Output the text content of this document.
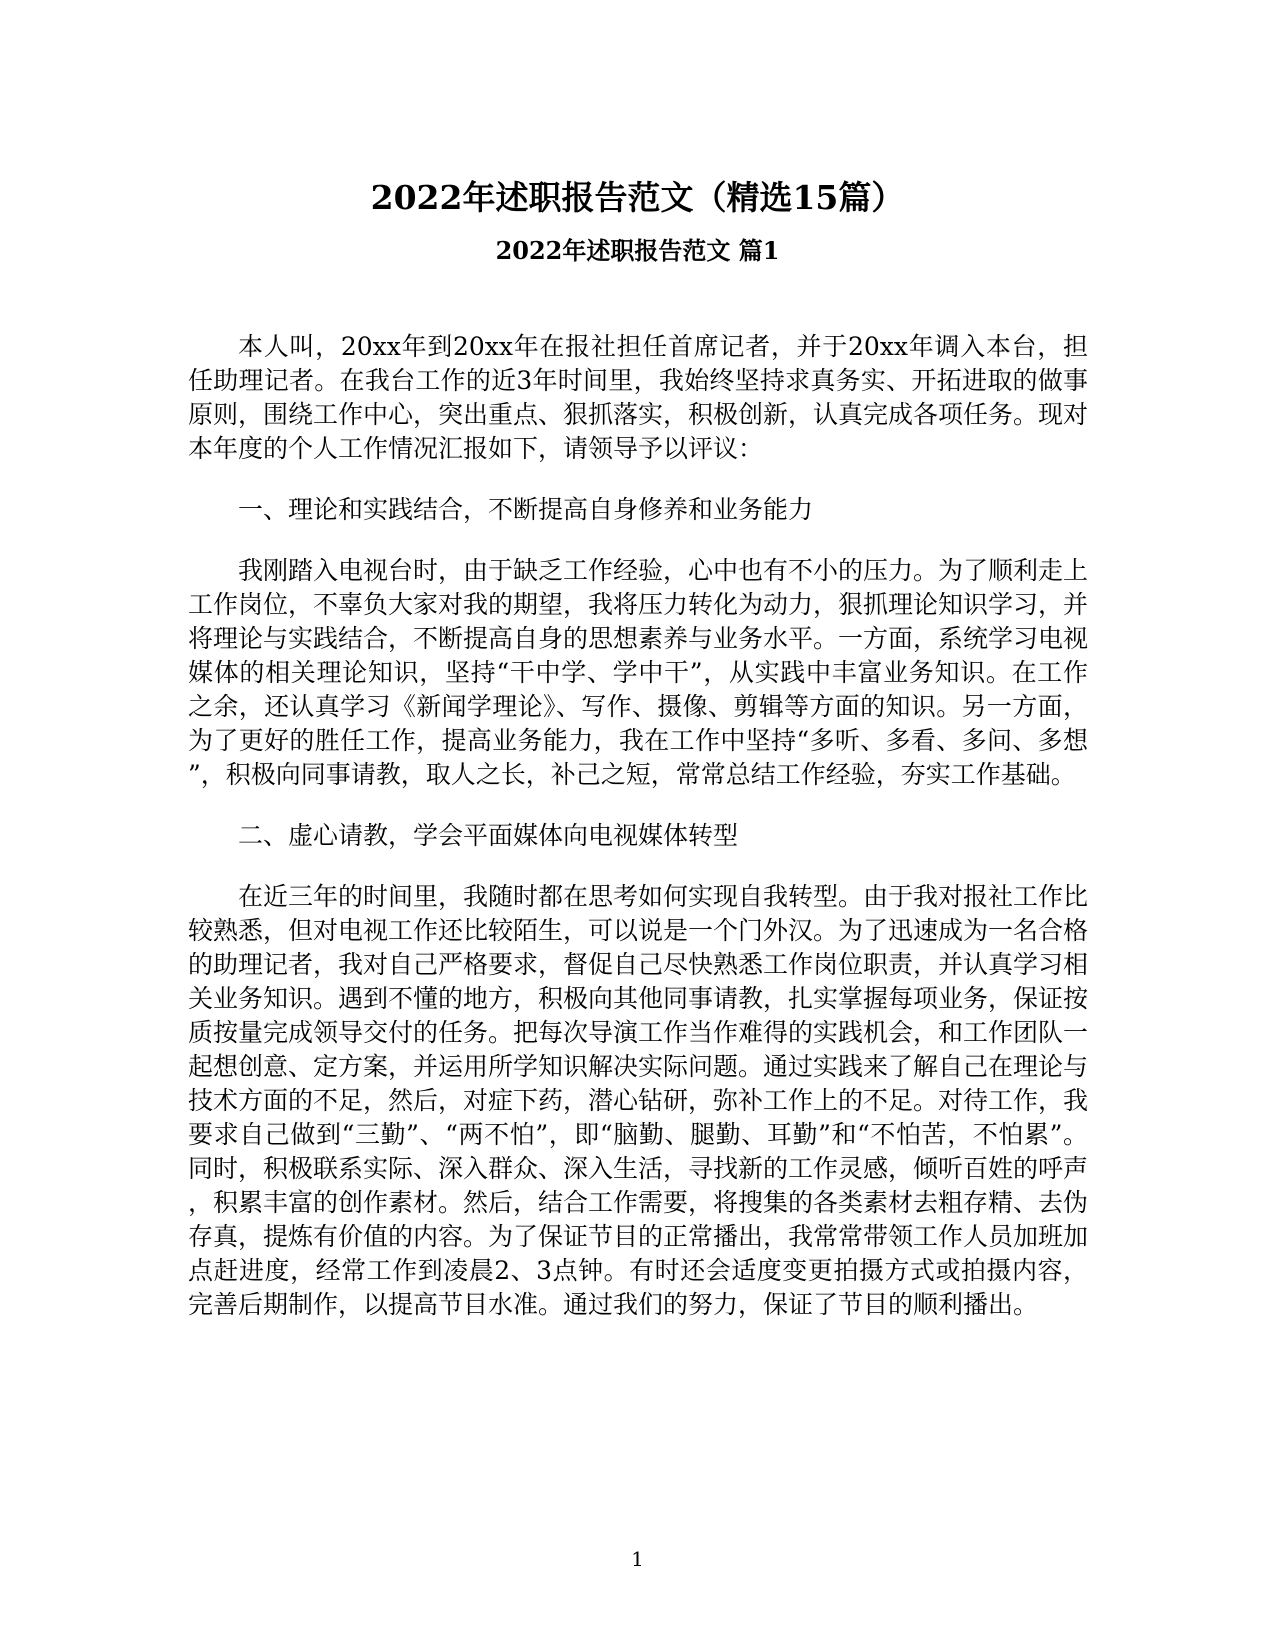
2022年述职报告范文（精选15篇）
2022年述职报告范文 篇1

本人叫，20xx年到20xx年在报社担任首席记者，并于20xx年调入本台，担任助理记者。在我台工作的近3年时间里，我始终坚持求真务实、开拓进取的做事原则，围绕工作中心，突出重点、狠抓落实，积极创新，认真完成各项任务。现对本年度的个人工作情况汇报如下，请领导予以评议：

一、理论和实践结合，不断提高自身修养和业务能力

我刚踏入电视台时，由于缺乏工作经验，心中也有不小的压力。为了顺利走上工作岗位，不辜负大家对我的期望，我将压力转化为动力，狠抓理论知识学习，并将理论与实践结合，不断提高自身的思想素养与业务水平。一方面，系统学习电视媒体的相关理论知识，坚持“干中学、学中干”，从实践中丰富业务知识。在工作之余，还认真学习《新闻学理论》、写作、摄像、剪辑等方面的知识。另一方面，为了更好的胜任工作，提高业务能力，我在工作中坚持“多听、多看、多问、多想”，积极向同事请教，取人之长，补己之短，常常总结工作经验，夯实工作基础。

二、虚心请教，学会平面媒体向电视媒体转型

在近三年的时间里，我随时都在思考如何实现自我转型。由于我对报社工作比较熟悉，但对电视工作还比较陌生，可以说是一个门外汉。为了迅速成为一名合格的助理记者，我对自己严格要求，督促自己尽快熟悉工作岗位职责，并认真学习相关业务知识。遇到不懂的地方，积极向其他同事请教，扎实掌握每项业务，保证按质按量完成领导交付的任务。把每次导演工作当作难得的实践机会，和工作团队一起想创意、定方案，并运用所学知识解决实际问题。通过实践来了解自己在理论与技术方面的不足，然后，对症下药，潜心钻研，弥补工作上的不足。对待工作，我要求自己做到“三勤”、“两不怕”，即“脑勤、腿勤、耳勤”和“不怕苦，不怕累”。同时，积极联系实际、深入群众、深入生活，寻找新的工作灵感，倾听百姓的呼声，积累丰富的创作素材。然后，结合工作需要，将搜集的各类素材去粗存精、去伪存真，提炼有价值的内容。为了保证节目的正常播出，我常常带领工作人员加班加点赶进度，经常工作到凌晨2、3点钟。有时还会适度变更拍摄方式或拍摄内容，完善后期制作，以提高节目水准。通过我们的努力，保证了节目的顺利播出。

1
